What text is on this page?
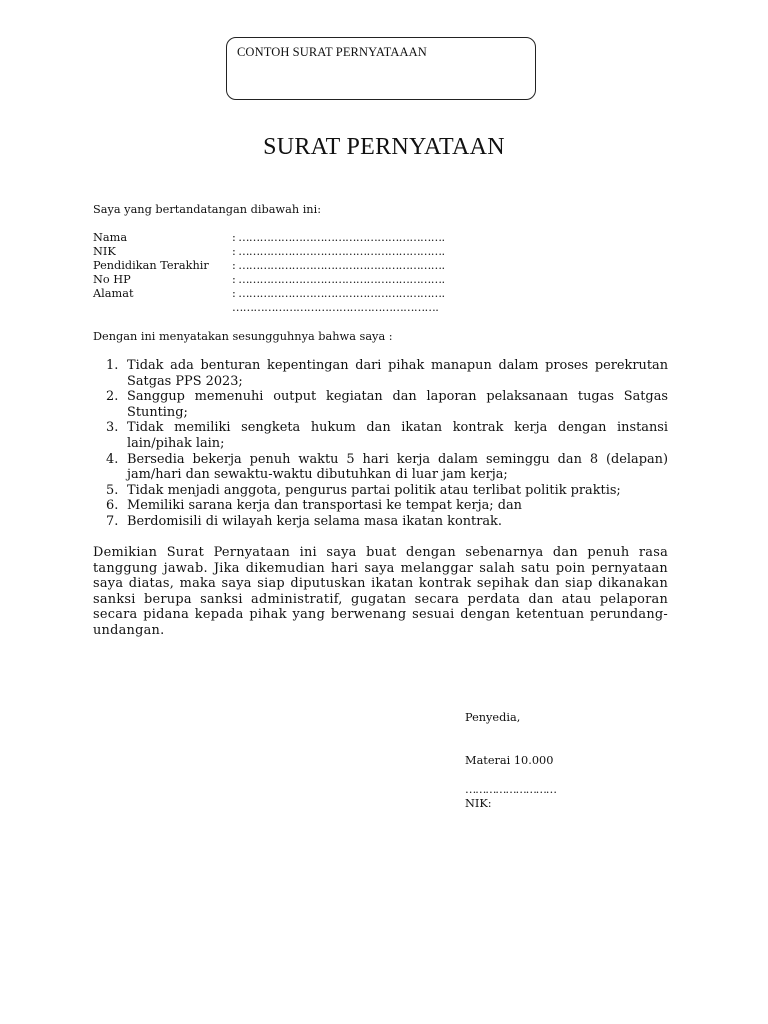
CONTOH SURAT PERNYATAAAN
SURAT PERNYATAAN
Saya yang bertandatangan dibawah ini:
Nama	: ………………………………………………….
NIK	: ………………………………………………….
Pendidikan Terakhir	: ………………………………………………….
No HP	: ………………………………………………….
Alamat	: ………………………………………………….
………………………………………………….
Dengan ini menyatakan sesungguhnya bahwa saya :
1. Tidak ada benturan kepentingan dari pihak manapun dalam proses perekrutan Satgas PPS 2023;
2. Sanggup memenuhi output kegiatan dan laporan pelaksanaan tugas Satgas Stunting;
3. Tidak memiliki sengketa hukum dan ikatan kontrak kerja dengan instansi lain/pihak lain;
4. Bersedia bekerja penuh waktu 5 hari kerja dalam seminggu dan 8 (delapan) jam/hari dan sewaktu-waktu dibutuhkan di luar jam kerja;
5. Tidak menjadi anggota, pengurus partai politik atau terlibat politik praktis;
6. Memiliki sarana kerja dan transportasi ke tempat kerja; dan
7. Berdomisili di wilayah kerja selama masa ikatan kontrak.
Demikian Surat Pernyataan ini saya buat dengan sebenarnya dan penuh rasa tanggung jawab. Jika dikemudian hari saya melanggar salah satu poin pernyataan saya diatas, maka saya siap diputuskan ikatan kontrak sepihak dan siap dikanakan sanksi berupa sanksi administratif, gugatan secara perdata dan atau pelaporan secara pidana kepada pihak yang berwenang sesuai dengan ketentuan perundang-undangan.
Penyedia,
Materai 10.000
………………………
NIK:
